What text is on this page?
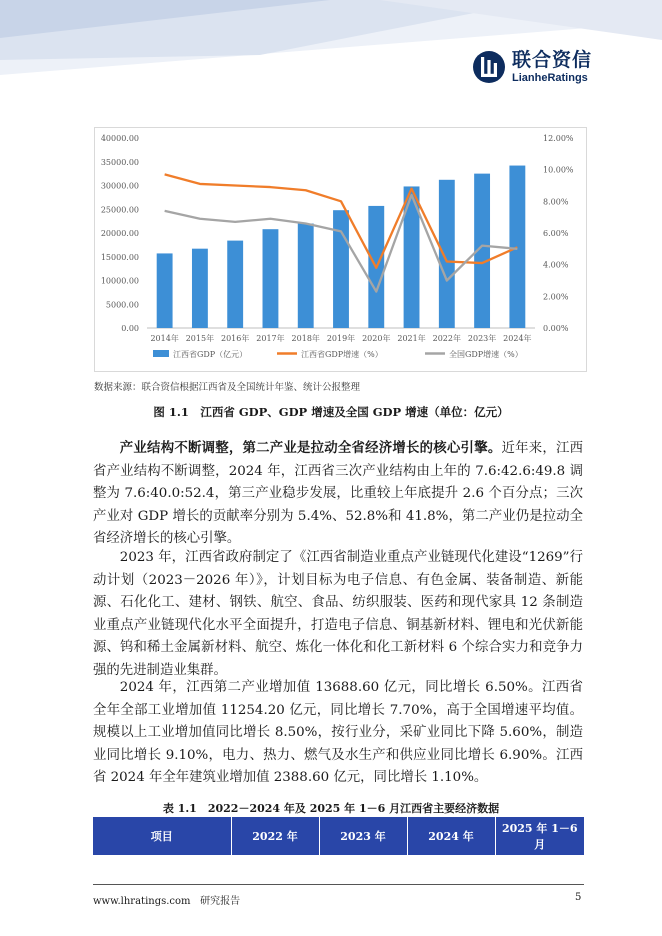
联合资信
LianheRatings
0.00
5000.00
10000.00
15000.00
20000.00
25000.00
30000.00
35000.00
40000.00
0.00%
2.00%
4.00%
6.00%
8.00%
10.00%
12.00%
2014年 2015年 2016年 2017年 2018年 2019年 2020年 2021年 2022年 2023年 2024年
江西省GDP（亿元）	江西省GDP增速（%）	全国GDP增速（%）
数据来源：联合资信根据江西省及全国统计年鉴、统计公报整理
图 1.1　江西省 GDP、GDP 增速及全国 GDP 增速（单位：亿元）
产业结构不断调整，第二产业是拉动全省经济增长的核心引擎。近年来，江西省产业结构不断调整，2024 年，江西省三次产业结构由上年的 7.6:42.6:49.8 调整为 7.6:40.0:52.4，第三产业稳步发展，比重较上年底提升 2.6 个百分点；三次产业对 GDP 增长的贡献率分别为 5.4%、52.8%和 41.8%，第二产业仍是拉动全省经济增长的核心引擎。
2023 年，江西省政府制定了《江西省制造业重点产业链现代化建设“1269”行动计划（2023－2026 年）》，计划目标为电子信息、有色金属、装备制造、新能源、石化化工、建材、钢铁、航空、食品、纺织服装、医药和现代家具 12 条制造业重点产业链现代化水平全面提升，打造电子信息、铜基新材料、锂电和光伏新能源、钨和稀土金属新材料、航空、炼化一体化和化工新材料 6 个综合实力和竞争力强的先进制造业集群。
2024 年，江西第二产业增加值 13688.60 亿元，同比增长 6.50%。江西省全年全部工业增加值 11254.20 亿元，同比增长 7.70%，高于全国增速平均值。规模以上工业增加值同比增长 8.50%，按行业分，采矿业同比下降 5.60%，制造业同比增长 9.10%，电力、热力、燃气及水生产和供应业同比增长 6.90%。江西省 2024 年全年建筑业增加值 2388.60 亿元，同比增长 1.10%。
表 1.1　2022－2024 年及 2025 年 1－6 月江西省主要经济数据
项目	2022 年	2023 年	2024 年	2025 年 1－6 月
www.lhratings.com 研究报告	5
